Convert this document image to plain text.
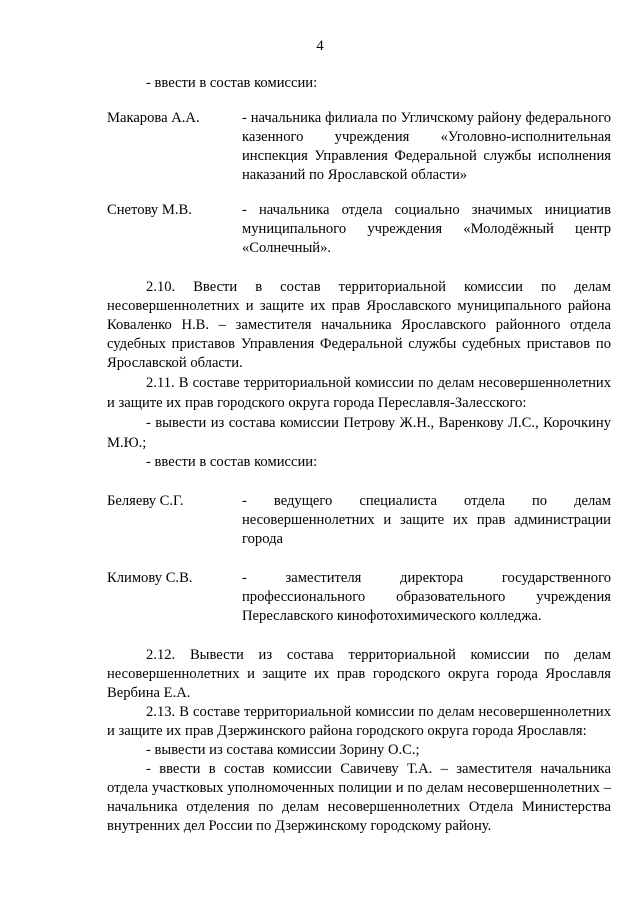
4

- ввести в состав комиссии:

Макарова А.А.	- начальника филиала по Угличскому району федерального казенного учреждения «Уголовно-исполнительная инспекция Управления Федеральной службы исполнения наказаний по Ярославской области»
Снетову М.В.	- начальника отдела социально значимых инициатив муниципального учреждения «Молодёжный центр «Солнечный».

2.10. Ввести в состав территориальной комиссии по делам несовершеннолетних и защите их прав Ярославского муниципального района Коваленко Н.В. – заместителя начальника Ярославского районного отдела судебных приставов Управления Федеральной службы судебных приставов по Ярославской области.

2.11. В составе территориальной комиссии по делам несовершеннолетних и защите их прав городского округа города Переславля-Залесского:

- вывести из состава комиссии Петрову Ж.Н., Варенкову Л.С., Корочкину М.Ю.;

- ввести в состав комиссии:

Беляеву С.Г.	- ведущего специалиста отдела по делам несовершеннолетних и защите их прав администрации города
Климову С.В.	- заместителя директора государственного профессионального образовательного учреждения Переславского кинофотохимического колледжа.

2.12. Вывести из состава территориальной комиссии по делам несовершеннолетних и защите их прав городского округа города Ярославля Вербина Е.А.

2.13. В составе территориальной комиссии по делам несовершеннолетних и защите их прав Дзержинского района городского округа города Ярославля:

- вывести из состава комиссии Зорину О.С.;

- ввести в состав комиссии Савичеву Т.А. – заместителя начальника отдела участковых уполномоченных полиции и по делам несовершеннолетних – начальника отделения по делам несовершеннолетних Отдела Министерства внутренних дел России по Дзержинскому городскому району.
